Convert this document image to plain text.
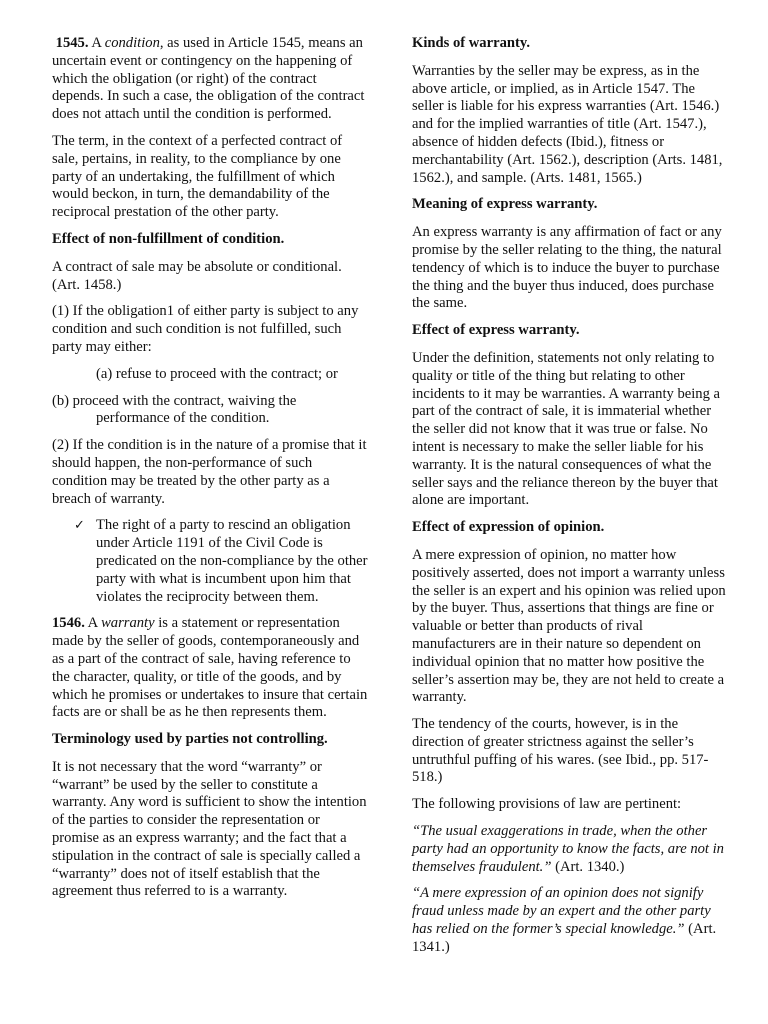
1545. A condition, as used in Article 1545, means an uncertain event or contingency on the happening of which the obligation (or right) of the contract depends. In such a case, the obligation of the contract does not attach until the condition is performed.

The term, in the context of a perfected contract of sale, pertains, in reality, to the compliance by one party of an undertaking, the fulfillment of which would beckon, in turn, the demandability of the reciprocal prestation of the other party.

Effect of non-fulfillment of condition.

A contract of sale may be absolute or conditional. (Art. 1458.)

(1) If the obligation1 of either party is subject to any condition and such condition is not fulfilled, such party may either:

(a) refuse to proceed with the contract; or

(b) proceed with the contract, waiving the performance of the condition.

(2) If the condition is in the nature of a promise that it should happen, the non-performance of such condition may be treated by the other party as a breach of warranty.

✓ The right of a party to rescind an obligation under Article 1191 of the Civil Code is predicated on the non-compliance by the other party with what is incumbent upon him that violates the reciprocity between them.

1546. A warranty is a statement or representation made by the seller of goods, contemporaneously and as a part of the contract of sale, having reference to the character, quality, or title of the goods, and by which he promises or undertakes to insure that certain facts are or shall be as he then represents them.

Terminology used by parties not controlling.

It is not necessary that the word “warranty” or “warrant” be used by the seller to constitute a warranty. Any word is sufficient to show the intention of the parties to consider the representation or promise as an express warranty; and the fact that a stipulation in the contract of sale is specially called a “warranty” does not of itself establish that the agreement thus referred to is a warranty.

Kinds of warranty.

Warranties by the seller may be express, as in the above article, or implied, as in Article 1547. The seller is liable for his express warranties (Art. 1546.) and for the implied warranties of title (Art. 1547.), absence of hidden defects (Ibid.), fitness or merchantability (Art. 1562.), description (Arts. 1481, 1562.), and sample. (Arts. 1481, 1565.)

Meaning of express warranty.

An express warranty is any affirmation of fact or any promise by the seller relating to the thing, the natural tendency of which is to induce the buyer to purchase the thing and the buyer thus induced, does purchase the same.

Effect of express warranty.

Under the definition, statements not only relating to quality or title of the thing but relating to other incidents to it may be warranties. A warranty being a part of the contract of sale, it is immaterial whether the seller did not know that it was true or false. No intent is necessary to make the seller liable for his warranty. It is the natural consequences of what the seller says and the reliance thereon by the buyer that alone are important.

Effect of expression of opinion.

A mere expression of opinion, no matter how positively asserted, does not import a warranty unless the seller is an expert and his opinion was relied upon by the buyer. Thus, assertions that things are fine or valuable or better than products of rival manufacturers are in their nature so dependent on individual opinion that no matter how positive the seller’s assertion may be, they are not held to create a warranty.

The tendency of the courts, however, is in the direction of greater strictness against the seller’s untruthful puffing of his wares. (see Ibid., pp. 517-518.)

The following provisions of law are pertinent:

“The usual exaggerations in trade, when the other party had an opportunity to know the facts, are not in themselves fraudulent.” (Art. 1340.)

“A mere expression of an opinion does not signify fraud unless made by an expert and the other party has relied on the former’s special knowledge.” (Art. 1341.)
